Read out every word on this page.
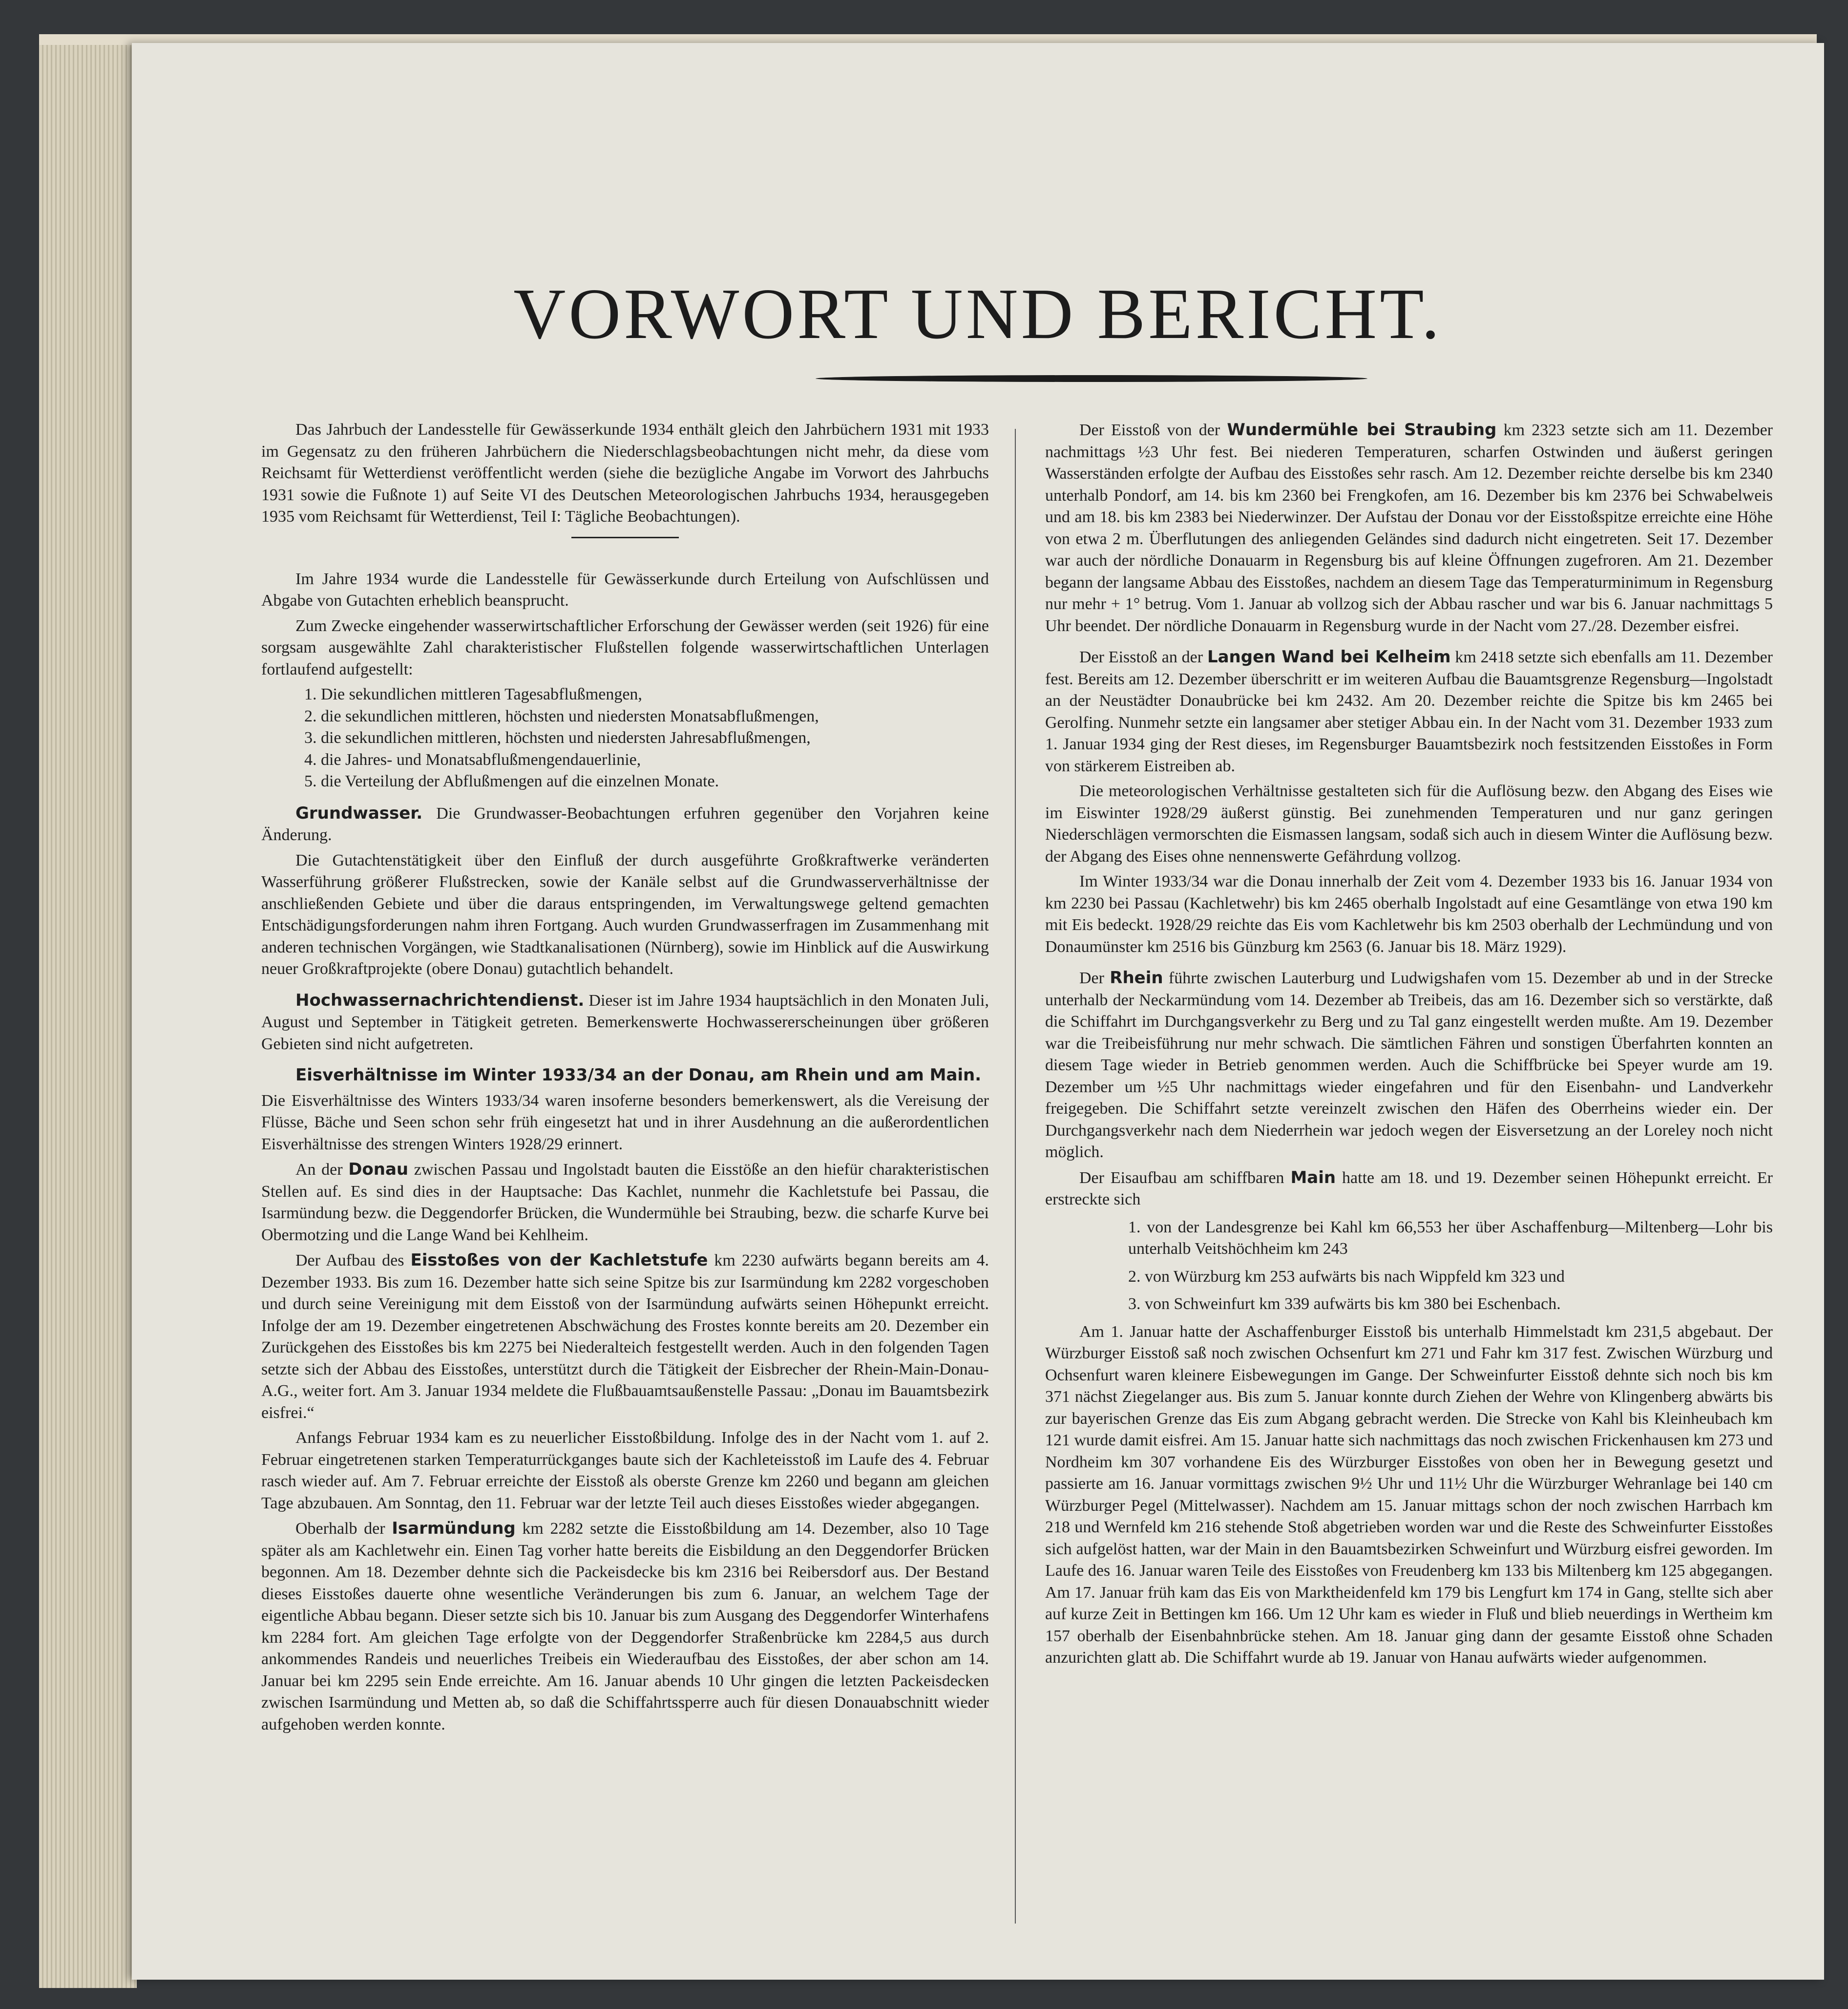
VORWORT UND BERICHT.

Das Jahrbuch der Landesstelle für Gewässerkunde 1934 enthält gleich den Jahrbüchern 1931 mit 1933 im Gegensatz zu den früheren Jahrbüchern die Niederschlagsbeobachtungen nicht mehr, da diese vom Reichsamt für Wetterdienst veröffentlicht werden (siehe die bezügliche Angabe im Vorwort des Jahrbuchs 1931 sowie die Fußnote 1) auf Seite VI des Deutschen Meteorologischen Jahrbuchs 1934, herausgegeben 1935 vom Reichsamt für Wetterdienst, Teil I: Tägliche Beobachtungen).

Im Jahre 1934 wurde die Landesstelle für Gewässerkunde durch Erteilung von Aufschlüssen und Abgabe von Gutachten erheblich beansprucht.

Zum Zwecke eingehender wasserwirtschaftlicher Erforschung der Gewässer werden (seit 1926) für eine sorgsam ausgewählte Zahl charakteristischer Flußstellen folgende wasserwirtschaftlichen Unterlagen fortlaufend aufgestellt:

1. Die sekundlichen mittleren Tagesabflußmengen,
2. die sekundlichen mittleren, höchsten und niedersten Monatsabflußmengen,
3. die sekundlichen mittleren, höchsten und niedersten Jahresabflußmengen,
4. die Jahres- und Monatsabflußmengendauerlinie,
5. die Verteilung der Abflußmengen auf die einzelnen Monate.

Grundwasser. Die Grundwasser-Beobachtungen erfuhren gegenüber den Vorjahren keine Änderung.

Die Gutachtenstätigkeit über den Einfluß der durch ausgeführte Großkraftwerke veränderten Wasserführung größerer Flußstrecken, sowie der Kanäle selbst auf die Grundwasserverhältnisse der anschließenden Gebiete und über die daraus entspringenden, im Verwaltungswege geltend gemachten Entschädigungsforderungen nahm ihren Fortgang. Auch wurden Grundwasserfragen im Zusammenhang mit anderen technischen Vorgängen, wie Stadtkanalisationen (Nürnberg), sowie im Hinblick auf die Auswirkung neuer Großkraftprojekte (obere Donau) gutachtlich behandelt.

Hochwassernachrichtendienst. Dieser ist im Jahre 1934 hauptsächlich in den Monaten Juli, August und September in Tätigkeit getreten. Bemerkenswerte Hochwassererscheinungen über größeren Gebieten sind nicht aufgetreten.

Eisverhältnisse im Winter 1933/34 an der Donau, am Rhein und am Main.

Die Eisverhältnisse des Winters 1933/34 waren insoferne besonders bemerkenswert, als die Vereisung der Flüsse, Bäche und Seen schon sehr früh eingesetzt hat und in ihrer Ausdehnung an die außerordentlichen Eisverhältnisse des strengen Winters 1928/29 erinnert.

An der Donau zwischen Passau und Ingolstadt bauten die Eisstöße an den hiefür charakteristischen Stellen auf. Es sind dies in der Hauptsache: Das Kachlet, nunmehr die Kachletstufe bei Passau, die Isarmündung bezw. die Deggendorfer Brücken, die Wundermühle bei Straubing, bezw. die scharfe Kurve bei Obermotzing und die Lange Wand bei Kehlheim.

Der Aufbau des Eisstoßes von der Kachletstufe km 2230 aufwärts begann bereits am 4. Dezember 1933. Bis zum 16. Dezember hatte sich seine Spitze bis zur Isarmündung km 2282 vorgeschoben und durch seine Vereinigung mit dem Eisstoß von der Isarmündung aufwärts seinen Höhepunkt erreicht. Infolge der am 19. Dezember eingetretenen Abschwächung des Frostes konnte bereits am 20. Dezember ein Zurückgehen des Eisstoßes bis km 2275 bei Niederalteich festgestellt werden. Auch in den folgenden Tagen setzte sich der Abbau des Eisstoßes, unterstützt durch die Tätigkeit der Eisbrecher der Rhein-Main-Donau-A.G., weiter fort. Am 3. Januar 1934 meldete die Flußbauamtsaußenstelle Passau: „Donau im Bauamtsbezirk eisfrei.“

Anfangs Februar 1934 kam es zu neuerlicher Eisstoßbildung. Infolge des in der Nacht vom 1. auf 2. Februar eingetretenen starken Temperaturrückganges baute sich der Kachleteisstoß im Laufe des 4. Februar rasch wieder auf. Am 7. Februar erreichte der Eisstoß als oberste Grenze km 2260 und begann am gleichen Tage abzubauen. Am Sonntag, den 11. Februar war der letzte Teil auch dieses Eisstoßes wieder abgegangen.

Oberhalb der Isarmündung km 2282 setzte die Eisstoßbildung am 14. Dezember, also 10 Tage später als am Kachletwehr ein. Einen Tag vorher hatte bereits die Eisbildung an den Deggendorfer Brücken begonnen. Am 18. Dezember dehnte sich die Packeisdecke bis km 2316 bei Reibersdorf aus. Der Bestand dieses Eisstoßes dauerte ohne wesentliche Veränderungen bis zum 6. Januar, an welchem Tage der eigentliche Abbau begann. Dieser setzte sich bis 10. Januar bis zum Ausgang des Deggendorfer Winterhafens km 2284 fort. Am gleichen Tage erfolgte von der Deggendorfer Straßenbrücke km 2284,5 aus durch ankommendes Randeis und neuerliches Treibeis ein Wiederaufbau des Eisstoßes, der aber schon am 14. Januar bei km 2295 sein Ende erreichte. Am 16. Januar abends 10 Uhr gingen die letzten Packeisdecken zwischen Isarmündung und Metten ab, so daß die Schiffahrtssperre auch für diesen Donauabschnitt wieder aufgehoben werden konnte.

Der Eisstoß von der Wundermühle bei Straubing km 2323 setzte sich am 11. Dezember nachmittags ½3 Uhr fest. Bei niederen Temperaturen, scharfen Ostwinden und äußerst geringen Wasserständen erfolgte der Aufbau des Eisstoßes sehr rasch. Am 12. Dezember reichte derselbe bis km 2340 unterhalb Pondorf, am 14. bis km 2360 bei Frengkofen, am 16. Dezember bis km 2376 bei Schwabelweis und am 18. bis km 2383 bei Niederwinzer. Der Aufstau der Donau vor der Eisstoßspitze erreichte eine Höhe von etwa 2 m. Überflutungen des anliegenden Geländes sind dadurch nicht eingetreten. Seit 17. Dezember war auch der nördliche Donauarm in Regensburg bis auf kleine Öffnungen zugefroren. Am 21. Dezember begann der langsame Abbau des Eisstoßes, nachdem an diesem Tage das Temperaturminimum in Regensburg nur mehr + 1° betrug. Vom 1. Januar ab vollzog sich der Abbau rascher und war bis 6. Januar nachmittags 5 Uhr beendet. Der nördliche Donauarm in Regensburg wurde in der Nacht vom 27./28. Dezember eisfrei.

Der Eisstoß an der Langen Wand bei Kelheim km 2418 setzte sich ebenfalls am 11. Dezember fest. Bereits am 12. Dezember überschritt er im weiteren Aufbau die Bauamtsgrenze Regensburg—Ingolstadt an der Neustädter Donaubrücke bei km 2432. Am 20. Dezember reichte die Spitze bis km 2465 bei Gerolfing. Nunmehr setzte ein langsamer aber stetiger Abbau ein. In der Nacht vom 31. Dezember 1933 zum 1. Januar 1934 ging der Rest dieses, im Regensburger Bauamtsbezirk noch festsitzenden Eisstoßes in Form von stärkerem Eistreiben ab.

Die meteorologischen Verhältnisse gestalteten sich für die Auflösung bezw. den Abgang des Eises wie im Eiswinter 1928/29 äußerst günstig. Bei zunehmenden Temperaturen und nur ganz geringen Niederschlägen vermorschten die Eismassen langsam, sodaß sich auch in diesem Winter die Auflösung bezw. der Abgang des Eises ohne nennenswerte Gefährdung vollzog.

Im Winter 1933/34 war die Donau innerhalb der Zeit vom 4. Dezember 1933 bis 16. Januar 1934 von km 2230 bei Passau (Kachletwehr) bis km 2465 oberhalb Ingolstadt auf eine Gesamtlänge von etwa 190 km mit Eis bedeckt. 1928/29 reichte das Eis vom Kachletwehr bis km 2503 oberhalb der Lechmündung und von Donaumünster km 2516 bis Günzburg km 2563 (6. Januar bis 18. März 1929).

Der Rhein führte zwischen Lauterburg und Ludwigshafen vom 15. Dezember ab und in der Strecke unterhalb der Neckarmündung vom 14. Dezember ab Treibeis, das am 16. Dezember sich so verstärkte, daß die Schiffahrt im Durchgangsverkehr zu Berg und zu Tal ganz eingestellt werden mußte. Am 19. Dezember war die Treibeisführung nur mehr schwach. Die sämtlichen Fähren und sonstigen Überfahrten konnten an diesem Tage wieder in Betrieb genommen werden. Auch die Schiffbrücke bei Speyer wurde am 19. Dezember um ½5 Uhr nachmittags wieder eingefahren und für den Eisenbahn- und Landverkehr freigegeben. Die Schiffahrt setzte vereinzelt zwischen den Häfen des Oberrheins wieder ein. Der Durchgangsverkehr nach dem Niederrhein war jedoch wegen der Eisversetzung an der Loreley noch nicht möglich.

Der Eisaufbau am schiffbaren Main hatte am 18. und 19. Dezember seinen Höhepunkt erreicht. Er erstreckte sich

1. von der Landesgrenze bei Kahl km 66,553 her über Aschaffenburg—Miltenberg—Lohr bis unterhalb Veitshöchheim km 243
2. von Würzburg km 253 aufwärts bis nach Wippfeld km 323 und
3. von Schweinfurt km 339 aufwärts bis km 380 bei Eschenbach.

Am 1. Januar hatte der Aschaffenburger Eisstoß bis unterhalb Himmelstadt km 231,5 abgebaut. Der Würzburger Eisstoß saß noch zwischen Ochsenfurt km 271 und Fahr km 317 fest. Zwischen Würzburg und Ochsenfurt waren kleinere Eisbewegungen im Gange. Der Schweinfurter Eisstoß dehnte sich noch bis km 371 nächst Ziegelanger aus. Bis zum 5. Januar konnte durch Ziehen der Wehre von Klingenberg abwärts bis zur bayerischen Grenze das Eis zum Abgang gebracht werden. Die Strecke von Kahl bis Kleinheubach km 121 wurde damit eisfrei. Am 15. Januar hatte sich nachmittags das noch zwischen Frickenhausen km 273 und Nordheim km 307 vorhandene Eis des Würzburger Eisstoßes von oben her in Bewegung gesetzt und passierte am 16. Januar vormittags zwischen 9½ Uhr und 11½ Uhr die Würzburger Wehranlage bei 140 cm Würzburger Pegel (Mittelwasser). Nachdem am 15. Januar mittags schon der noch zwischen Harrbach km 218 und Wernfeld km 216 stehende Stoß abgetrieben worden war und die Reste des Schweinfurter Eisstoßes sich aufgelöst hatten, war der Main in den Bauamtsbezirken Schweinfurt und Würzburg eisfrei geworden. Im Laufe des 16. Januar waren Teile des Eisstoßes von Freudenberg km 133 bis Miltenberg km 125 abgegangen. Am 17. Januar früh kam das Eis von Marktheidenfeld km 179 bis Lengfurt km 174 in Gang, stellte sich aber auf kurze Zeit in Bettingen km 166. Um 12 Uhr kam es wieder in Fluß und blieb neuerdings in Wertheim km 157 oberhalb der Eisenbahnbrücke stehen. Am 18. Januar ging dann der gesamte Eisstoß ohne Schaden anzurichten glatt ab. Die Schiffahrt wurde ab 19. Januar von Hanau aufwärts wieder aufgenommen.
